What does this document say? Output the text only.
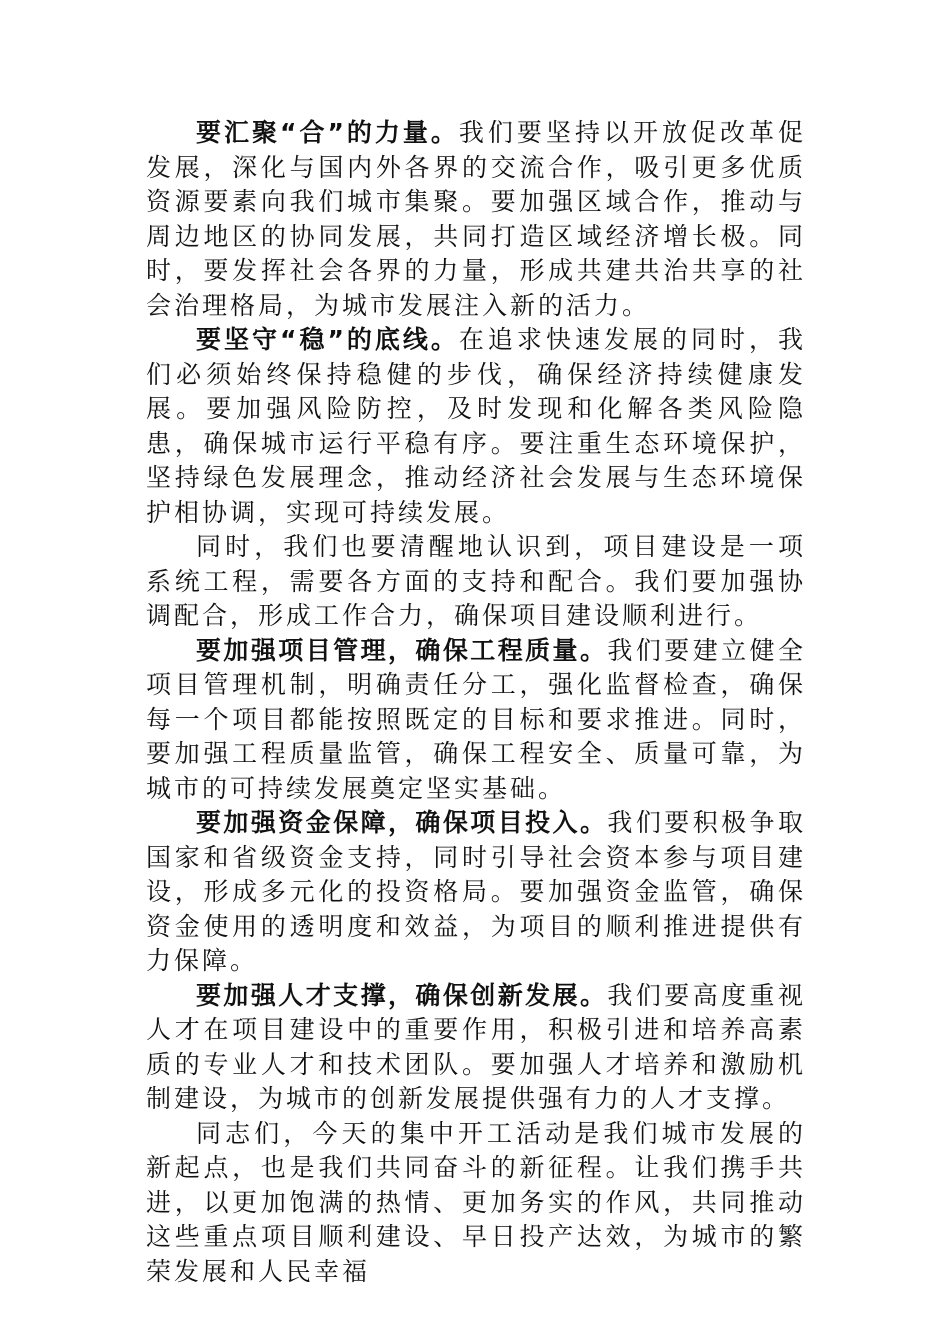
要汇聚“合”的力量。我们要坚持以开放促改革促发展，深化与国内外各界的交流合作，吸引更多优质资源要素向我们城市集聚。要加强区域合作，推动与周边地区的协同发展，共同打造区域经济增长极。同时，要发挥社会各界的力量，形成共建共治共享的社会治理格局，为城市发展注入新的活力。

要坚守“稳”的底线。在追求快速发展的同时，我们必须始终保持稳健的步伐，确保经济持续健康发展。要加强风险防控，及时发现和化解各类风险隐患，确保城市运行平稳有序。要注重生态环境保护，坚持绿色发展理念，推动经济社会发展与生态环境保护相协调，实现可持续发展。

同时，我们也要清醒地认识到，项目建设是一项系统工程，需要各方面的支持和配合。我们要加强协调配合，形成工作合力，确保项目建设顺利进行。

要加强项目管理，确保工程质量。我们要建立健全项目管理机制，明确责任分工，强化监督检查，确保每一个项目都能按照既定的目标和要求推进。同时，要加强工程质量监管，确保工程安全、质量可靠，为城市的可持续发展奠定坚实基础。

要加强资金保障，确保项目投入。我们要积极争取国家和省级资金支持，同时引导社会资本参与项目建设，形成多元化的投资格局。要加强资金监管，确保资金使用的透明度和效益，为项目的顺利推进提供有力保障。

要加强人才支撑，确保创新发展。我们要高度重视人才在项目建设中的重要作用，积极引进和培养高素质的专业人才和技术团队。要加强人才培养和激励机制建设，为城市的创新发展提供强有力的人才支撑。

同志们，今天的集中开工活动是我们城市发展的新起点，也是我们共同奋斗的新征程。让我们携手共进，以更加饱满的热情、更加务实的作风，共同推动这些重点项目顺利建设、早日投产达效，为城市的繁荣发展和人民幸福
